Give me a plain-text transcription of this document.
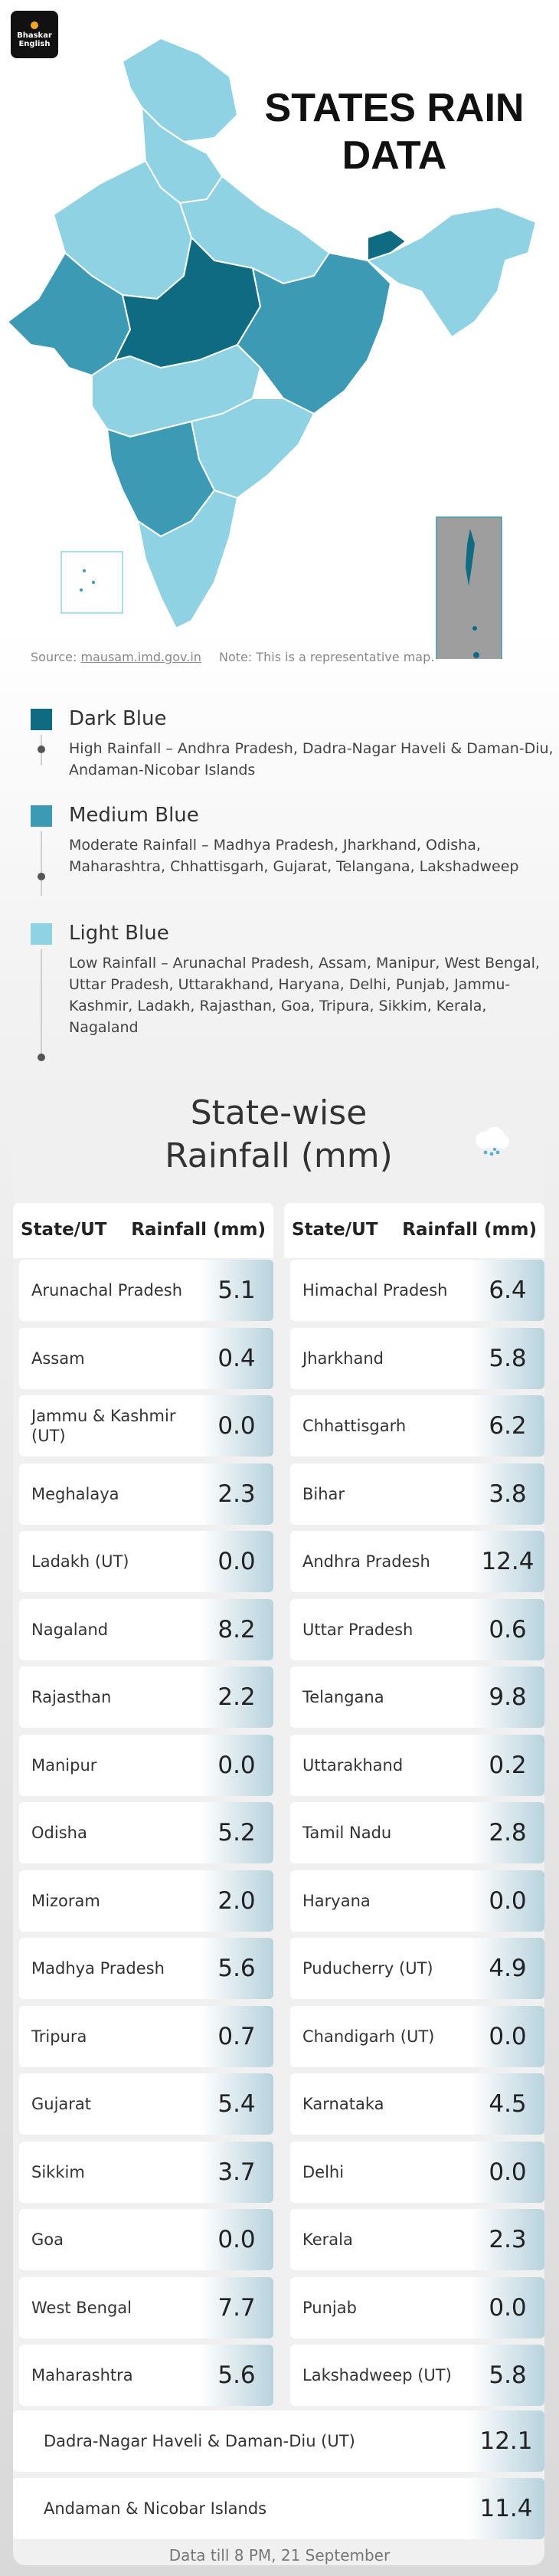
Bhaskar
English
STATES RAIN DATA
Source: mausam.imd.gov.in Note: This is a representative map.
Dark Blue
High Rainfall – Andhra Pradesh, Dadra-Nagar Haveli & Daman-Diu, Andaman-Nicobar Islands
Medium Blue
Moderate Rainfall – Madhya Pradesh, Jharkhand, Odisha, Maharashtra, Chhattisgarh, Gujarat, Telangana, Lakshadweep
Light Blue
Low Rainfall – Arunachal Pradesh, Assam, Manipur, West Bengal, Uttar Pradesh, Uttarakhand, Haryana, Delhi, Punjab, Jammu-Kashmir, Ladakh, Rajasthan, Goa, Tripura, Sikkim, Kerala, Nagaland
State-wise
Rainfall (mm)
State/UT Rainfall (mm)
Arunachal Pradesh	5.1
Assam	0.4
Jammu & Kashmir (UT)	0.0
Meghalaya	2.3
Ladakh (UT)	0.0
Nagaland	8.2
Rajasthan	2.2
Manipur	0.0
Odisha	5.2
Mizoram	2.0
Madhya Pradesh	5.6
Tripura	0.7
Gujarat	5.4
Sikkim	3.7
Goa	0.0
West Bengal	7.7
Maharashtra	5.6
State/UT Rainfall (mm)
Himachal Pradesh	6.4
Jharkhand	5.8
Chhattisgarh	6.2
Bihar	3.8
Andhra Pradesh	12.4
Uttar Pradesh	0.6
Telangana	9.8
Uttarakhand	0.2
Tamil Nadu	2.8
Haryana	0.0
Puducherry (UT)	4.9
Chandigarh (UT)	0.0
Karnataka	4.5
Delhi	0.0
Kerala	2.3
Punjab	0.0
Lakshadweep (UT)	5.8
Dadra-Nagar Haveli & Daman-Diu (UT)	12.1
Andaman & Nicobar Islands	11.4
Data till 8 PM, 21 September
